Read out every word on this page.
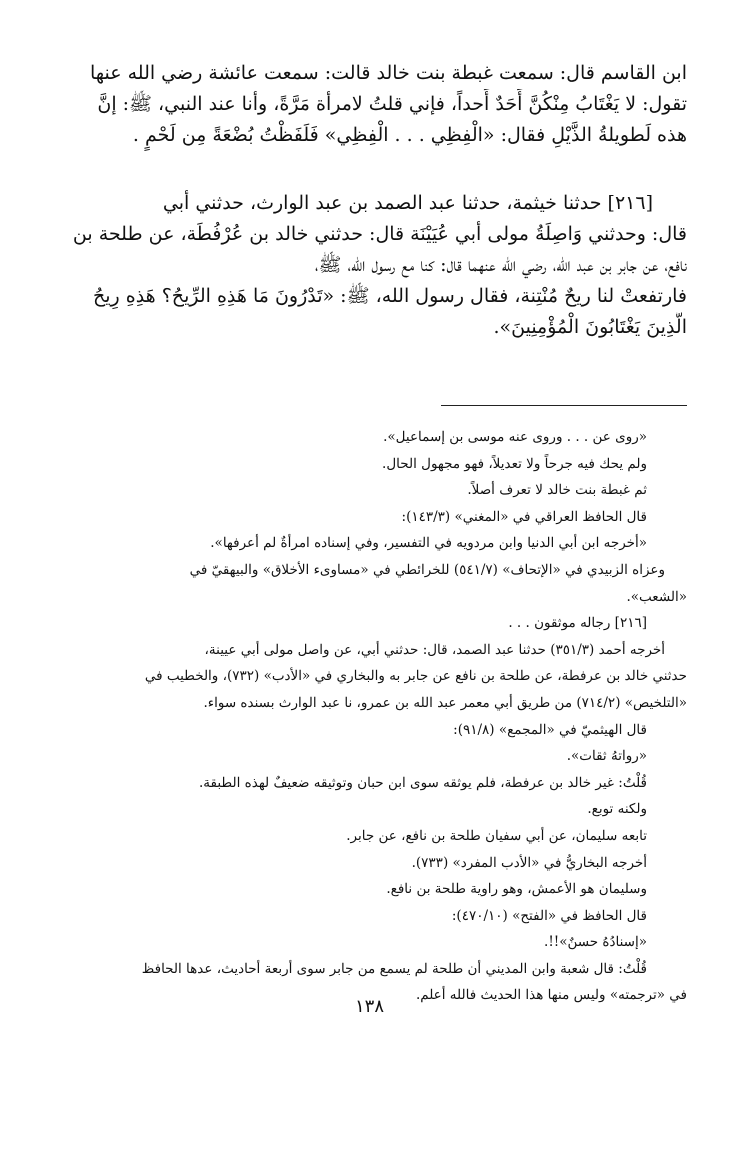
ابن القاسم قال: سمعت غبطة بنت خالد قالت: سمعت عائشة رضي الله عنها
تقول: لا يَغْتَابُ مِنْكُنَّ أَحَدٌ أَحداً، فإني قلتُ لامرأة مَرَّةً، وأنا عند النبي، ﷺ: إنَّ
هذه لَطويلةُ الذَّيْلِ فقال: «الْفِظِي . . . الْفِظِي» فَلَفَظْتُ بُضْعَةً مِن لَحْمٍ .
[٢١٦] حدثنا خيثمة، حدثنا عبد الصمد بن عبد الوارث، حدثني أبي
قال: وحدثني وَاصِلَةُ مولى أبي عُيَيْنَة قال: حدثني خالد بن عُرْفُطَة، عن طلحة بن
نافع، عن جابر بن عبد الله، رضي الله عنهما قال: كنا مع رسول الله، ﷺ،
فارتفعتْ لنا ريحٌ مُنْتِنة، فقال رسول الله، ﷺ: «تَدْرُونَ مَا هَذِهِ الرِّيحُ؟ هَذِهِ رِيحُ
الَّذِينَ يَغْتَابُونَ الْمُؤْمِنِينَ».
«روى عن . . . وروى عنه موسى بن إسماعيل».
ولم يحك فيه جرحاً ولا تعديلاً، فهو مجهول الحال.
ثم غبطة بنت خالد لا تعرف أصلاً.
قال الحافظ العراقي في «المغني» (١٤٣/٣):
«أخرجه ابن أبي الدنيا وابن مردويه في التفسير، وفي إسناده امرأةٌ لم أعرفها».
وعزاه الزبيدي في «الإتحاف» (٥٤١/٧) للخرائطي في «مساوىء الأخلاق» والبيهقيّ في
«الشعب».
[٢١٦] رجاله موثقون . . .
أخرجه أحمد (٣٥١/٣) حدثنا عبد الصمد، قال: حدثني أبي، عن واصل مولى أبي عيينة،
حدثني خالد بن عرفطة، عن طلحة بن نافع عن جابر به والبخاري في «الأدب» (٧٣٢)، والخطيب في
«التلخيص» (٧١٤/٢) من طريق أبي معمر عبد الله بن عمرو، نا عبد الوارث بسنده سواء.
قال الهيثميّ في «المجمع» (٩١/٨):
«رواتهُ ثقات».
قُلْتُ: غير خالد بن عرفطة، فلم يوثقه سوى ابن حبان وتوثيقه ضعيفٌ لهذه الطبقة.
ولكنه توبع.
تابعه سليمان، عن أبي سفيان طلحة بن نافع، عن جابر.
أخرجه البخاريُّ في «الأدب المفرد» (٧٣٣).
وسليمان هو الأعمش، وهو راوية طلحة بن نافع.
قال الحافظ في «الفتح» (٤٧٠/١٠):
«إسنادُهُ حسنٌ»!!.
قُلْتُ: قال شعبة وابن المديني أن طلحة لم يسمع من جابر سوى أربعة أحاديث، عدها الحافظ
في «ترجمته» وليس منها هذا الحديث فالله أعلم.
١٣٨
